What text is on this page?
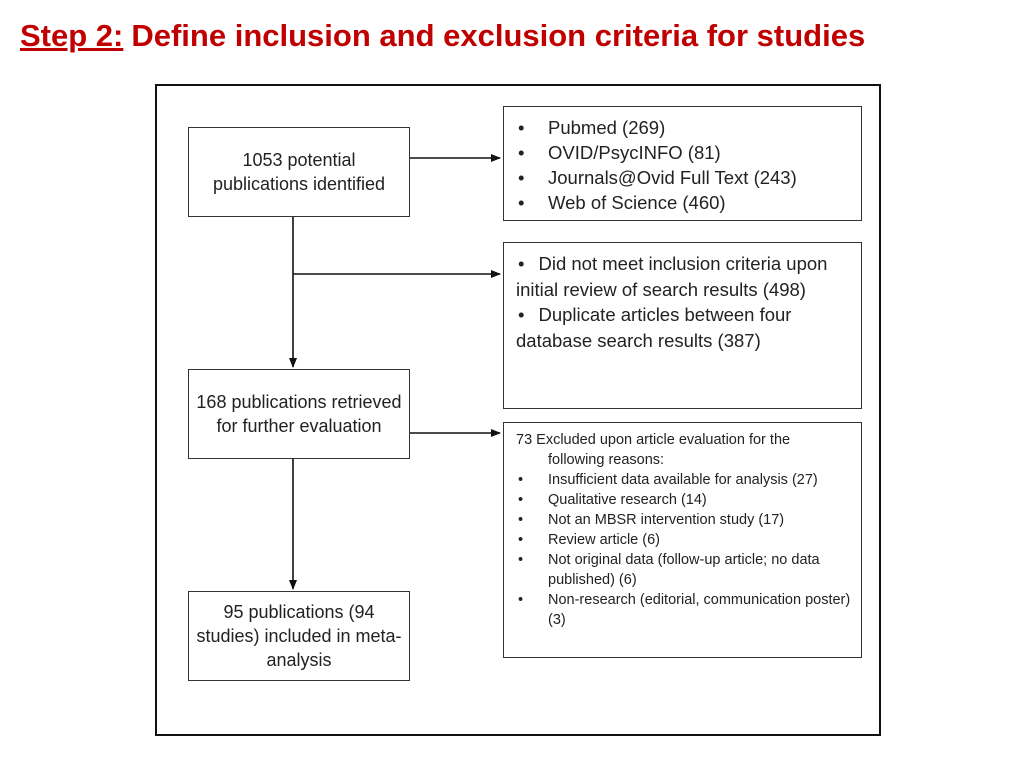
Step 2: Define inclusion and exclusion criteria for studies
1053 potential publications identified
• Pubmed (269)
• OVID/PsycINFO (81)
• Journals@Ovid Full Text (243)
• Web of Science (460)
• Did not meet inclusion criteria upon initial review of search results (498)
• Duplicate articles between four database search results (387)
168 publications retrieved for further evaluation

73 Excluded upon article evaluation for the

following reasons:

• Insufficient data available for analysis (27)
• Qualitative research (14)
• Not an MBSR intervention study (17)
• Review article (6)
• Not original data (follow-up article; no data published) (6)
• Non-research (editorial, communication poster) (3)
95 publications (94 studies) included in meta-analysis
